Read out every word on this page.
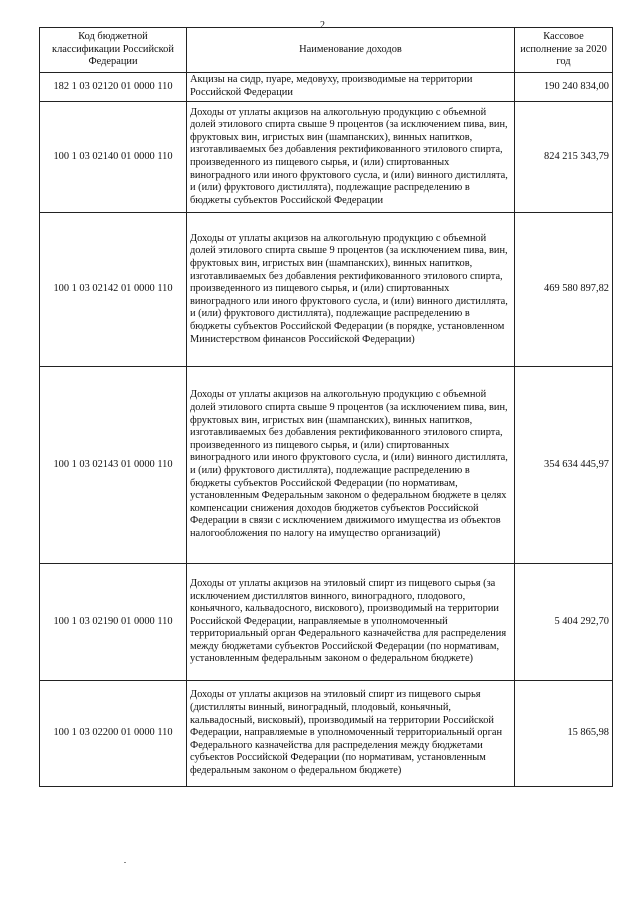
2
Код бюджетной классификации Российской Федерации	Наименование доходов	Кассовое исполнение за 2020 год
182 1 03 02120 01 0000 110	Акцизы на сидр, пуаре, медовуху, производимые на территории Российской Федерации	190 240 834,00
100 1 03 02140 01 0000 110	Доходы от уплаты акцизов на алкогольную продукцию с объемной долей этилового спирта свыше 9 процентов (за исключением пива, вин, фруктовых вин, игристых вин (шампанских), винных напитков, изготавливаемых без добавления ректификованного этилового спирта, произведенного из пищевого сырья, и (или) спиртованных виноградного или иного фруктового сусла, и (или) винного дистиллята, и (или) фруктового дистиллята), подлежащие распределению в бюджеты субъектов Российской Федерации	824 215 343,79
100 1 03 02142 01 0000 110	Доходы от уплаты акцизов на алкогольную продукцию с объемной долей этилового спирта свыше 9 процентов (за исключением пива, вин, фруктовых вин, игристых вин (шампанских), винных напитков, изготавливаемых без добавления ректификованного этилового спирта, произведенного из пищевого сырья, и (или) спиртованных виноградного или иного фруктового сусла, и (или) винного дистиллята, и (или) фруктового дистиллята), подлежащие распределению в бюджеты субъектов Российской Федерации (в порядке, установленном Министерством финансов Российской Федерации)	469 580 897,82
100 1 03 02143 01 0000 110	Доходы от уплаты акцизов на алкогольную продукцию с объемной долей этилового спирта свыше 9 процентов (за исключением пива, вин, фруктовых вин, игристых вин (шампанских), винных напитков, изготавливаемых без добавления ректификованного этилового спирта, произведенного из пищевого сырья, и (или) спиртованных виноградного или иного фруктового сусла, и (или) винного дистиллята, и (или) фруктового дистиллята), подлежащие распределению в бюджеты субъектов Российской Федерации (по нормативам, установленным Федеральным законом о федеральном бюджете в целях компенсации снижения доходов бюджетов субъектов Российской Федерации в связи с исключением движимого имущества из объектов налогообложения по налогу на имущество организаций)	354 634 445,97
100 1 03 02190 01 0000 110	Доходы от уплаты акцизов на этиловый спирт из пищевого сырья (за исключением дистиллятов винного, виноградного, плодового, коньячного, кальвадосного, вискового), производимый на территории Российской Федерации, направляемые в уполномоченный территориальный орган Федерального казначейства для распределения между бюджетами субъектов Российской Федерации (по нормативам, установленным федеральным законом о федеральном бюджете)	5 404 292,70
100 1 03 02200 01 0000 110	Доходы от уплаты акцизов на этиловый спирт из пищевого сырья (дистилляты винный, виноградный, плодовый, коньячный, кальвадосный, висковый), производимый на территории Российской Федерации, направляемые в уполномоченный территориальный орган Федерального казначейства для распределения между бюджетами субъектов Российской Федерации (по нормативам, установленным федеральным законом о федеральном бюджете)	15 865,98
